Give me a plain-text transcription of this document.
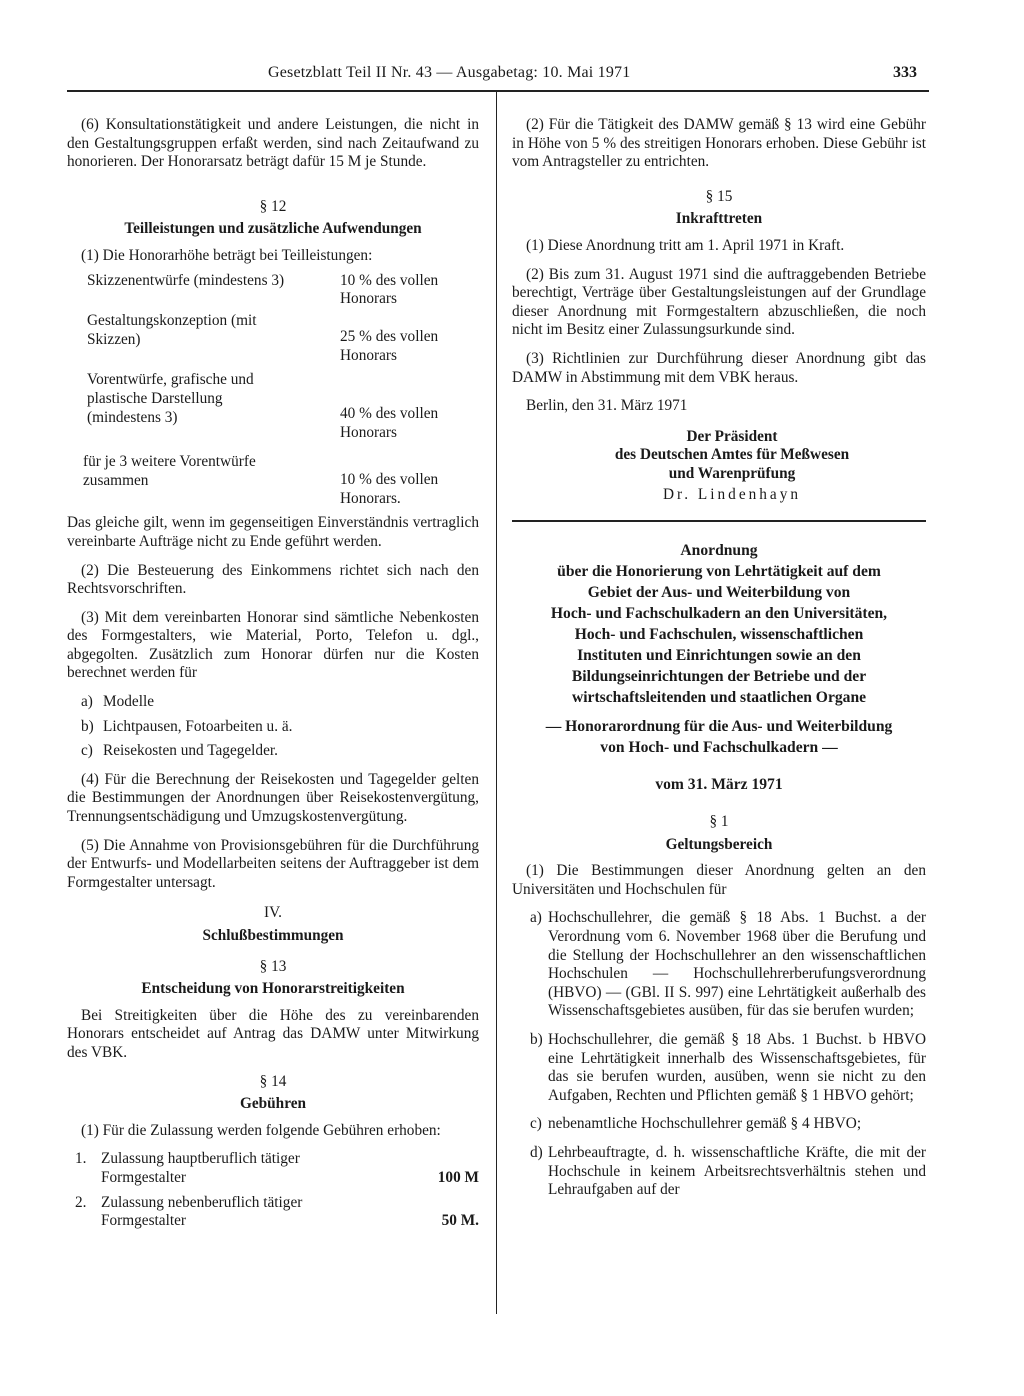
Gesetzblatt Teil II Nr. 43 — Ausgabetag: 10. Mai 1971	333

(6) Konsultationstätigkeit und andere Leistungen, die nicht in den Gestaltungsgruppen erfaßt werden, sind nach Zeitaufwand zu honorieren. Der Honorarsatz beträgt dafür 15 M je Stunde.

§ 12
Teilleistungen und zusätzliche Aufwendungen

(1) Die Honorarhöhe beträgt bei Teilleistungen:

Skizzenentwürfe (mindestens 3)	10 % des vollen Honorars
Gestaltungskonzeption (mit Skizzen)	25 % des vollen Honorars
Vorentwürfe, grafische und plastische Darstellung (mindestens 3)	40 % des vollen Honorars
für je 3 weitere Vorentwürfe zusammen	10 % des vollen Honorars.

Das gleiche gilt, wenn im gegenseitigen Einverständnis vertraglich vereinbarte Aufträge nicht zu Ende geführt werden.

(2) Die Besteuerung des Einkommens richtet sich nach den Rechtsvorschriften.

(3) Mit dem vereinbarten Honorar sind sämtliche Nebenkosten des Formgestalters, wie Material, Porto, Telefon u. dgl., abgegolten. Zusätzlich zum Honorar dürfen nur die Kosten berechnet werden für

a) Modelle
b) Lichtpausen, Fotoarbeiten u. ä.
c) Reisekosten und Tagegelder.

(4) Für die Berechnung der Reisekosten und Tagegelder gelten die Bestimmungen der Anordnungen über Reisekostenvergütung, Trennungsentschädigung und Umzugskostenvergütung.

(5) Die Annahme von Provisionsgebühren für die Durchführung der Entwurfs- und Modellarbeiten seitens der Auftraggeber ist dem Formgestalter untersagt.

IV.
Schlußbestimmungen
§ 13
Entscheidung von Honorarstreitigkeiten

Bei Streitigkeiten über die Höhe des zu vereinbarenden Honorars entscheidet auf Antrag das DAMW unter Mitwirkung des VBK.

§ 14
Gebühren

(1) Für die Zulassung werden folgende Gebühren erhoben:

1. Zulassung hauptberuflich tätiger Formgestalter	100 M
2. Zulassung nebenberuflich tätiger Formgestalter	50 M.

(2) Für die Tätigkeit des DAMW gemäß § 13 wird eine Gebühr in Höhe von 5 % des streitigen Honorars erhoben. Diese Gebühr ist vom Antragsteller zu entrichten.

§ 15
Inkrafttreten

(1) Diese Anordnung tritt am 1. April 1971 in Kraft.

(2) Bis zum 31. August 1971 sind die auftraggebenden Betriebe berechtigt, Verträge über Gestaltungsleistungen auf der Grundlage dieser Anordnung mit Formgestaltern abzuschließen, die noch nicht im Besitz einer Zulassungsurkunde sind.

(3) Richtlinien zur Durchführung dieser Anordnung gibt das DAMW in Abstimmung mit dem VBK heraus.

Berlin, den 31. März 1971

Der Präsident
des Deutschen Amtes für Meßwesen
und Warenprüfung
Dr. Lindenhayn
Anordnung
über die Honorierung von Lehrtätigkeit auf dem
Gebiet der Aus- und Weiterbildung von
Hoch- und Fachschulkadern an den Universitäten,
Hoch- und Fachschulen, wissenschaftlichen
Instituten und Einrichtungen sowie an den
Bildungseinrichtungen der Betriebe und der
wirtschaftsleitenden und staatlichen Organe
— Honorarordnung für die Aus- und Weiterbildung
von Hoch- und Fachschulkadern —
vom 31. März 1971
§ 1
Geltungsbereich

(1) Die Bestimmungen dieser Anordnung gelten an den Universitäten und Hochschulen für

a) Hochschullehrer, die gemäß § 18 Abs. 1 Buchst. a der Verordnung vom 6. November 1968 über die Berufung und die Stellung der Hochschullehrer an den wissenschaftlichen Hochschulen — Hochschullehrerberufungsverordnung (HBVO) — (GBl. II S. 997) eine Lehrtätigkeit außerhalb des Wissenschaftsgebietes ausüben, für das sie berufen wurden;
b) Hochschullehrer, die gemäß § 18 Abs. 1 Buchst. b HBVO eine Lehrtätigkeit innerhalb des Wissenschaftsgebietes, für das sie berufen wurden, ausüben, wenn sie nicht zu den Aufgaben, Rechten und Pflichten gemäß § 1 HBVO gehört;
c) nebenamtliche Hochschullehrer gemäß § 4 HBVO;
d) Lehrbeauftragte, d. h. wissenschaftliche Kräfte, die mit der Hochschule in keinem Arbeitsrechtsverhältnis stehen und Lehraufgaben auf der
